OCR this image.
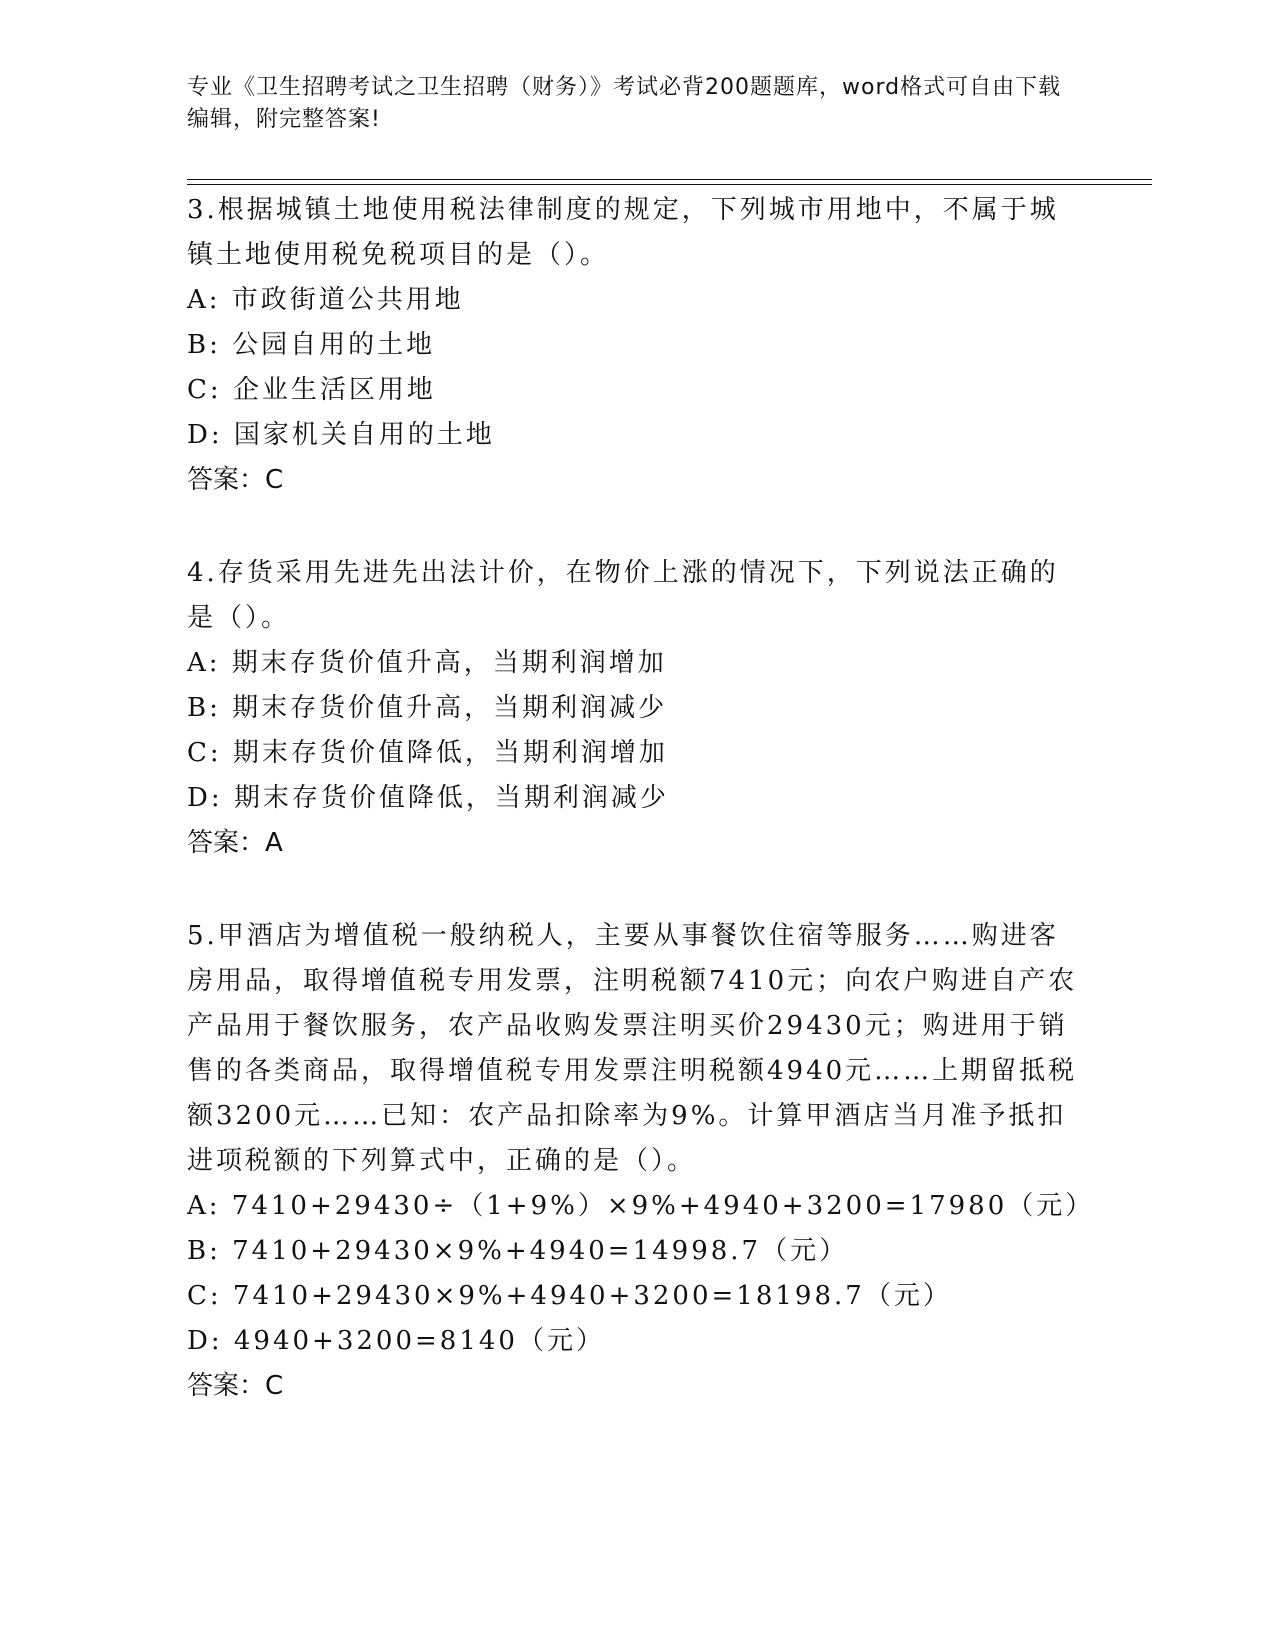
专业《卫生招聘考试之卫生招聘（财务）》考试必背200题题库，word格式可自由下载编辑，附完整答案!

3.根据城镇土地使用税法律制度的规定，下列城市用地中，不属于城镇土地使用税免税项目的是（）。

A: 市政街道公共用地

B: 公园自用的土地

C: 企业生活区用地

D: 国家机关自用的土地

答案：C

4.存货采用先进先出法计价，在物价上涨的情况下，下列说法正确的是（）。

A: 期末存货价值升高，当期利润增加

B: 期末存货价值升高，当期利润减少

C: 期末存货价值降低，当期利润增加

D: 期末存货价值降低，当期利润减少

答案：A

5.甲酒店为增值税一般纳税人，主要从事餐饮住宿等服务……购进客房用品，取得增值税专用发票，注明税额7410元；向农户购进自产农产品用于餐饮服务，农产品收购发票注明买价29430元；购进用于销售的各类商品，取得增值税专用发票注明税额4940元……上期留抵税额3200元……已知：农产品扣除率为9%。计算甲酒店当月准予抵扣进项税额的下列算式中，正确的是（）。

A: 7410+29430÷（1+9%）×9%+4940+3200=17980（元）

B: 7410+29430×9%+4940=14998.7（元）

C: 7410+29430×9%+4940+3200=18198.7（元）

D: 4940+3200=8140（元）

答案：C
